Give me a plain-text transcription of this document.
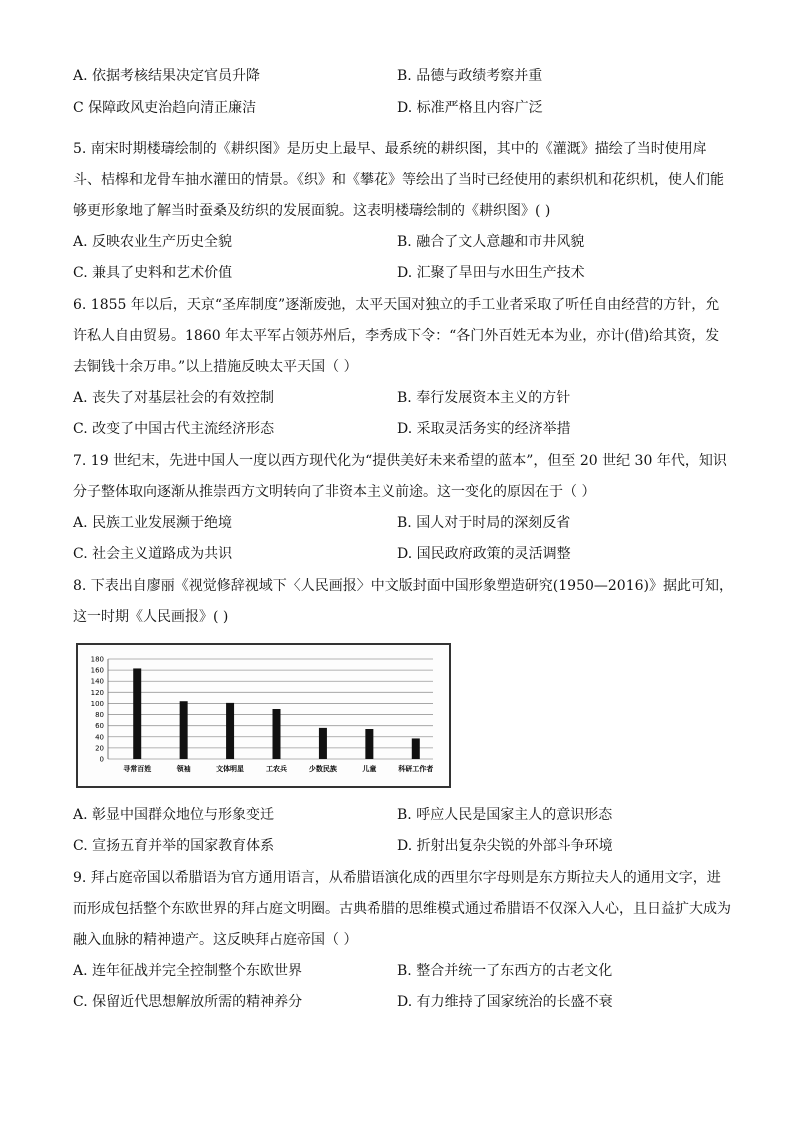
A. 依据考核结果决定官员升降	B. 品德与政绩考察并重
C 保障政风吏治趋向清正廉洁	D. 标准严格且内容广泛
5. 南宋时期楼璹绘制的《耕织图》是历史上最早、最系统的耕织图，其中的《灌溉》描绘了当时使用戽斗、桔槔和龙骨车抽水灌田的情景。《织》和《攀花》等绘出了当时已经使用的素织机和花织机，使人们能够更形象地了解当时蚕桑及纺织的发展面貌。这表明楼璹绘制的《耕织图》( )
A. 反映农业生产历史全貌	B. 融合了文人意趣和市井风貌
C. 兼具了史料和艺术价值	D. 汇聚了旱田与水田生产技术
6. 1855 年以后，天京“圣库制度”逐渐废弛，太平天国对独立的手工业者采取了听任自由经营的方针，允许私人自由贸易。1860 年太平军占领苏州后，李秀成下令：“各门外百姓无本为业，亦计(借)给其资，发去铜钱十余万串。”以上措施反映太平天国（ ）
A. 丧失了对基层社会的有效控制	B. 奉行发展资本主义的方针
C. 改变了中国古代主流经济形态	D. 采取灵活务实的经济举措
7. 19 世纪末，先进中国人一度以西方现代化为“提供美好未来希望的蓝本”，但至 20 世纪 30 年代，知识分子整体取向逐渐从推崇西方文明转向了非资本主义前途。这一变化的原因在于（ ）
A. 民族工业发展濒于绝境	B. 国人对于时局的深刻反省
C. 社会主义道路成为共识	D. 国民政府政策的灵活调整
8. 下表出自廖丽《视觉修辞视域下〈人民画报〉中文版封面中国形象塑造研究(1950—2016)》据此可知，这一时期《人民画报》( )
0
20
40
60
80
100
120
140
160
180
寻常百姓	领袖	文体明星	工农兵	少数民族	儿童	科研工作者
A. 彰显中国群众地位与形象变迁	B. 呼应人民是国家主人的意识形态
C. 宣扬五育并举的国家教育体系	D. 折射出复杂尖锐的外部斗争环境
9. 拜占庭帝国以希腊语为官方通用语言，从希腊语演化成的西里尔字母则是东方斯拉夫人的通用文字，进而形成包括整个东欧世界的拜占庭文明圈。古典希腊的思维模式通过希腊语不仅深入人心，且日益扩大成为融入血脉的精神遗产。这反映拜占庭帝国（ ）
A. 连年征战并完全控制整个东欧世界	B. 整合并统一了东西方的古老文化
C. 保留近代思想解放所需的精神养分	D. 有力维持了国家统治的长盛不衰
